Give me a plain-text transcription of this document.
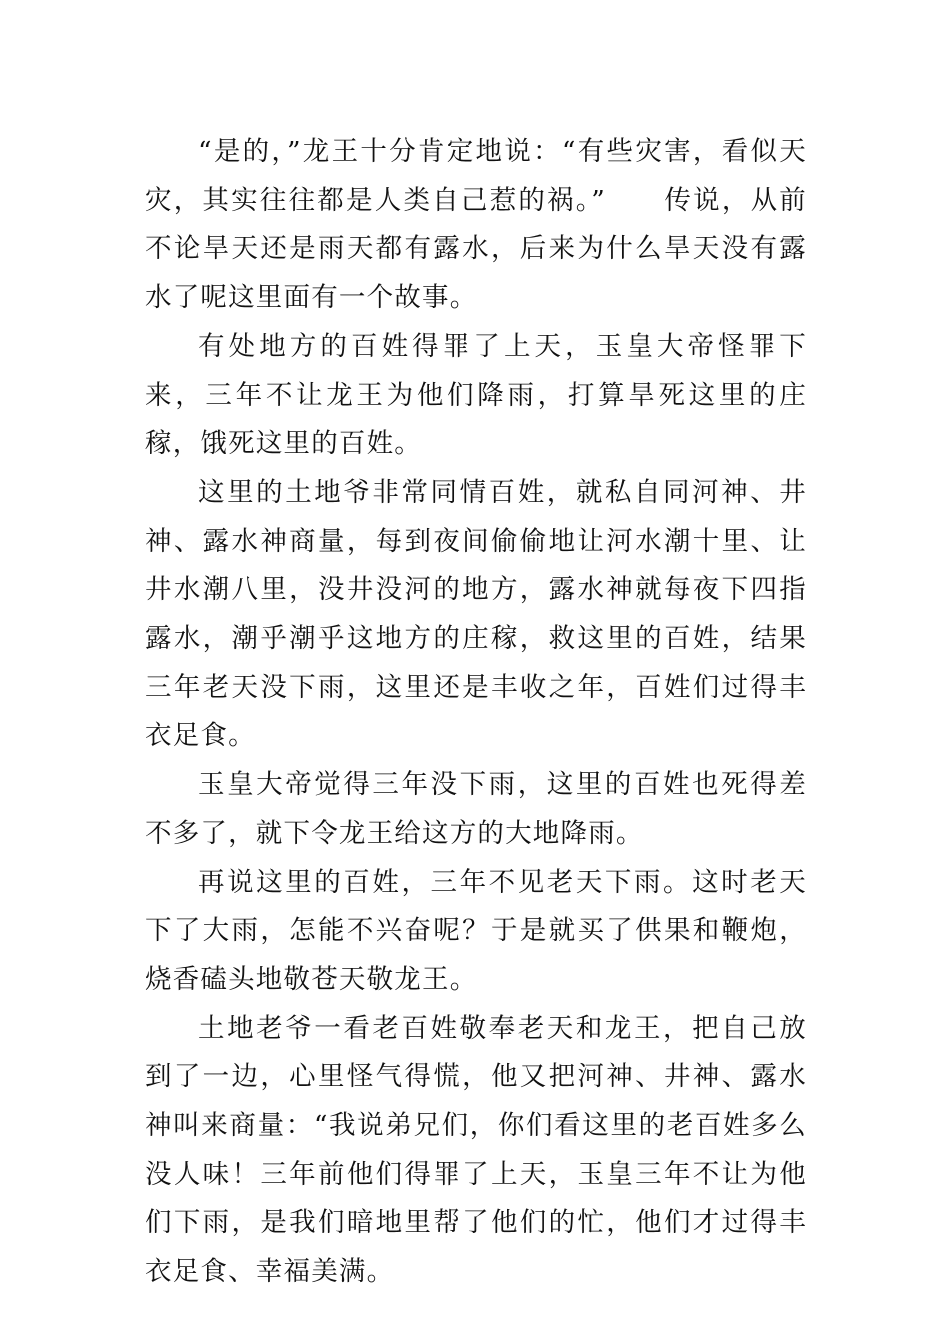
“是的，”龙王十分肯定地说：“有些灾害，看似天灾，其实往往都是人类自己惹的祸。”　　传说，从前不论旱天还是雨天都有露水，后来为什么旱天没有露水了呢这里面有一个故事。

有处地方的百姓得罪了上天，玉皇大帝怪罪下来，三年不让龙王为他们降雨，打算旱死这里的庄稼，饿死这里的百姓。

这里的土地爷非常同情百姓，就私自同河神、井神、露水神商量，每到夜间偷偷地让河水潮十里、让井水潮八里，没井没河的地方，露水神就每夜下四指露水，潮乎潮乎这地方的庄稼，救这里的百姓，结果三年老天没下雨，这里还是丰收之年，百姓们过得丰衣足食。

玉皇大帝觉得三年没下雨，这里的百姓也死得差不多了，就下令龙王给这方的大地降雨。

再说这里的百姓，三年不见老天下雨。这时老天下了大雨，怎能不兴奋呢？于是就买了供果和鞭炮，烧香磕头地敬苍天敬龙王。

土地老爷一看老百姓敬奉老天和龙王，把自己放到了一边，心里怪气得慌，他又把河神、井神、露水神叫来商量：“我说弟兄们，你们看这里的老百姓多么没人味！三年前他们得罪了上天，玉皇三年不让为他们下雨，是我们暗地里帮了他们的忙，他们才过得丰衣足食、幸福美满。
